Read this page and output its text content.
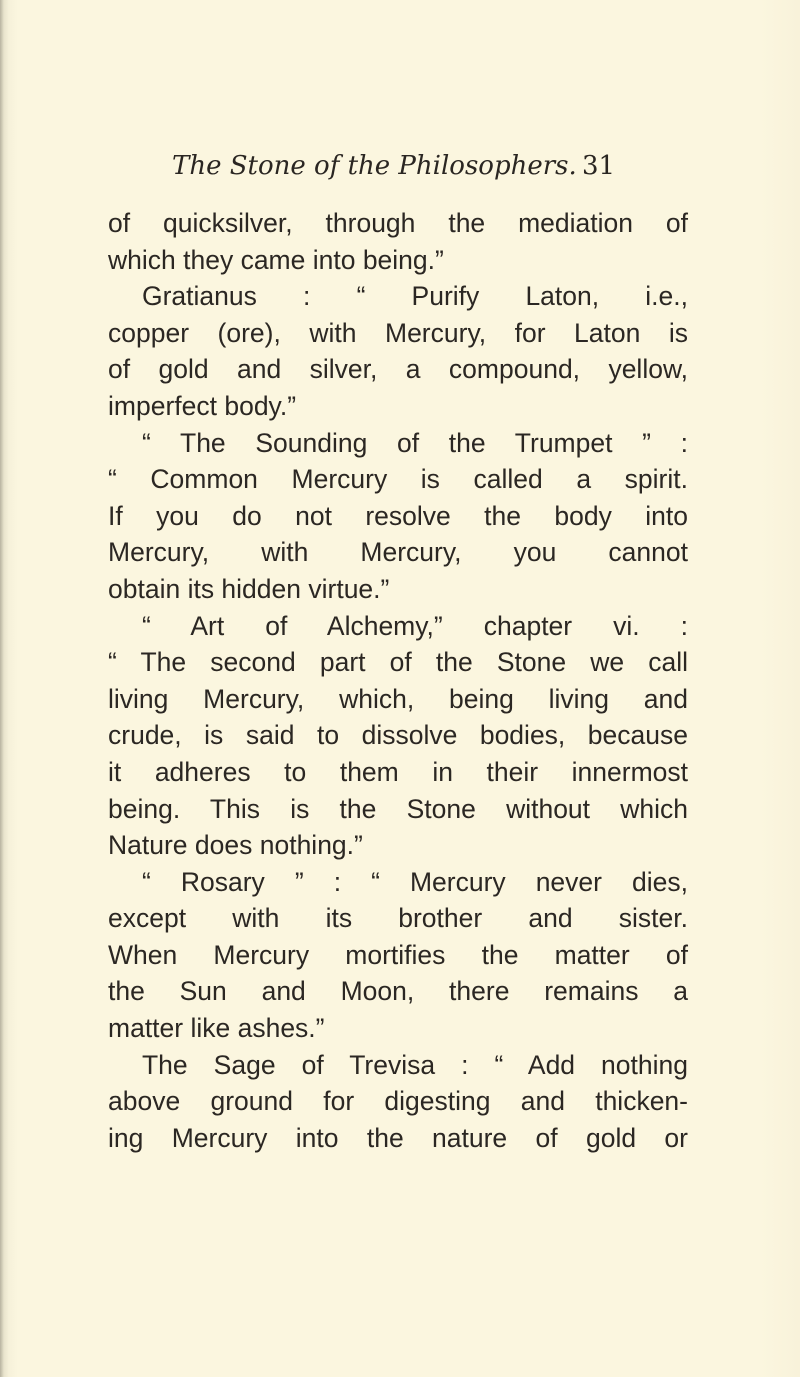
The Stone of the Philosophers. 31
of quicksilver, through the mediation of
which they came into being.”
Gratianus : “ Purify Laton, i.e.,
copper (ore), with Mercury, for Laton is
of gold and silver, a compound, yellow,
imperfect body.”
“ The Sounding of the Trumpet ” :
“ Common Mercury is called a spirit.
If you do not resolve the body into
Mercury, with Mercury, you cannot
obtain its hidden virtue.”
“ Art of Alchemy,” chapter vi. :
“ The second part of the Stone we call
living Mercury, which, being living and
crude, is said to dissolve bodies, because
it adheres to them in their innermost
being. This is the Stone without which
Nature does nothing.”
“ Rosary ” : “ Mercury never dies,
except with its brother and sister.
When Mercury mortifies the matter of
the Sun and Moon, there remains a
matter like ashes.”
The Sage of Trevisa : “ Add nothing
above ground for digesting and thicken-
ing Mercury into the nature of gold or
